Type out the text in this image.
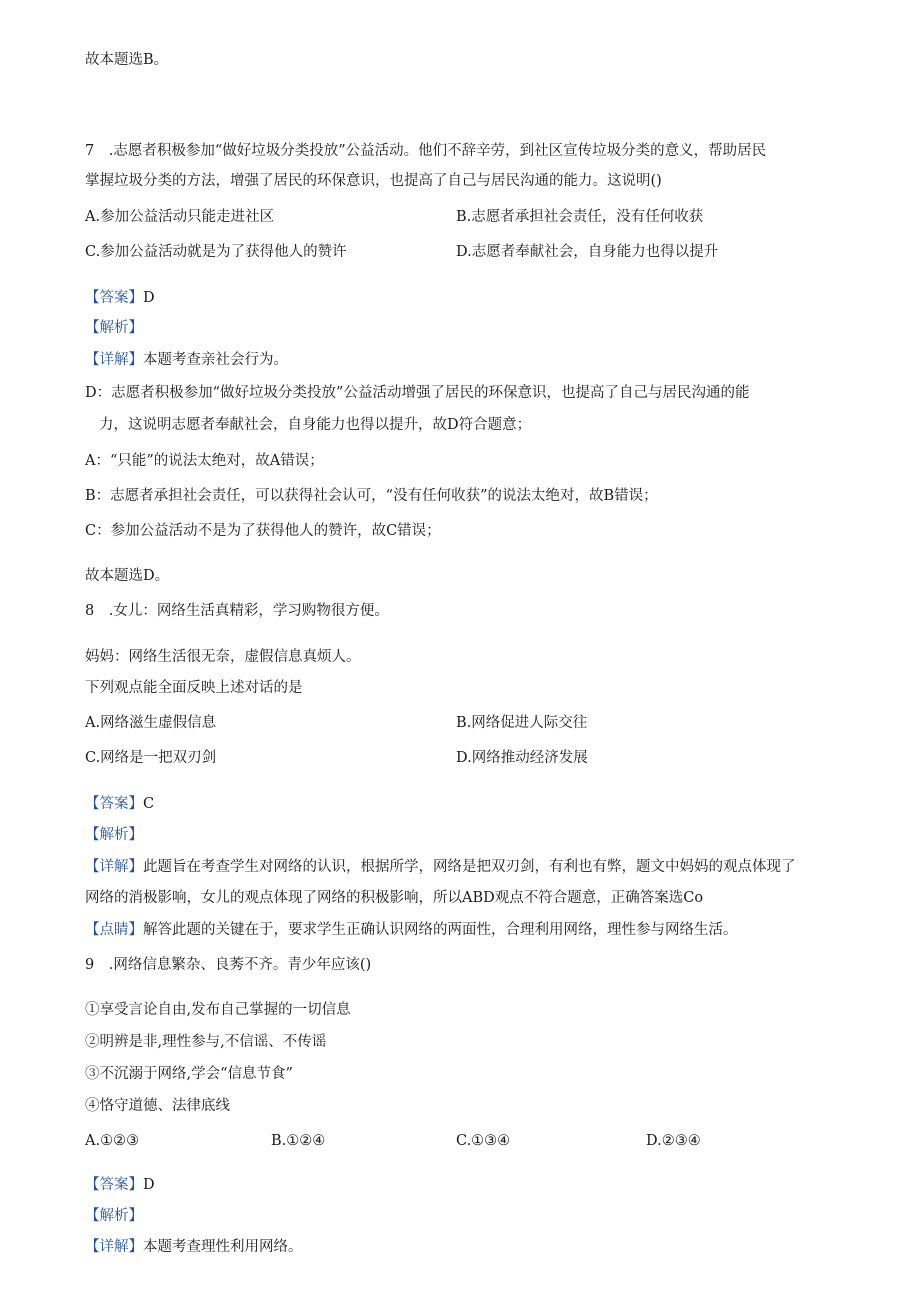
故本题选B。
7　.志愿者积极参加“做好垃圾分类投放”公益活动。他们不辞辛劳，到社区宣传垃圾分类的意义，帮助居民
掌握垃圾分类的方法，增强了居民的环保意识，也提高了自己与居民沟通的能力。这说明()
A.参加公益活动只能走进社区	B.志愿者承担社会责任，没有任何收获
C.参加公益活动就是为了获得他人的赞许	D.志愿者奉献社会，自身能力也得以提升
【答案】D
【解析】
【详解】本题考查亲社会行为。
D：志愿者积极参加“做好垃圾分类投放”公益活动增强了居民的环保意识，也提高了自己与居民沟通的能
力，这说明志愿者奉献社会，自身能力也得以提升，故D符合题意；
A：“只能”的说法太绝对，故A错误；
B：志愿者承担社会责任，可以获得社会认可，“没有任何收获”的说法太绝对，故B错误；
C：参加公益活动不是为了获得他人的赞许，故C错误；
故本题选D。
8　.女儿：网络生活真精彩，学习购物很方便。
妈妈：网络生活很无奈，虚假信息真烦人。
下列观点能全面反映上述对话的是
A.网络滋生虚假信息	B.网络促进人际交往
C.网络是一把双刃剑	D.网络推动经济发展
【答案】C
【解析】
【详解】此题旨在考查学生对网络的认识，根据所学，网络是把双刃剑，有利也有弊，题文中妈妈的观点体现了
网络的消极影响，女儿的观点体现了网络的积极影响，所以ABD观点不符合题意，正确答案选Co
【点睛】解答此题的关键在于，要求学生正确认识网络的两面性，合理利用网络，理性参与网络生活。
9　.网络信息繁杂、良莠不齐。青少年应该()
①享受言论自由,发布自己掌握的一切信息
②明辨是非,理性参与,不信谣、不传谣
③不沉溺于网络,学会“信息节食”
④恪守道德、法律底线
A.①②③	B.①②④	C.①③④	D.②③④
【答案】D
【解析】
【详解】本题考查理性利用网络。
